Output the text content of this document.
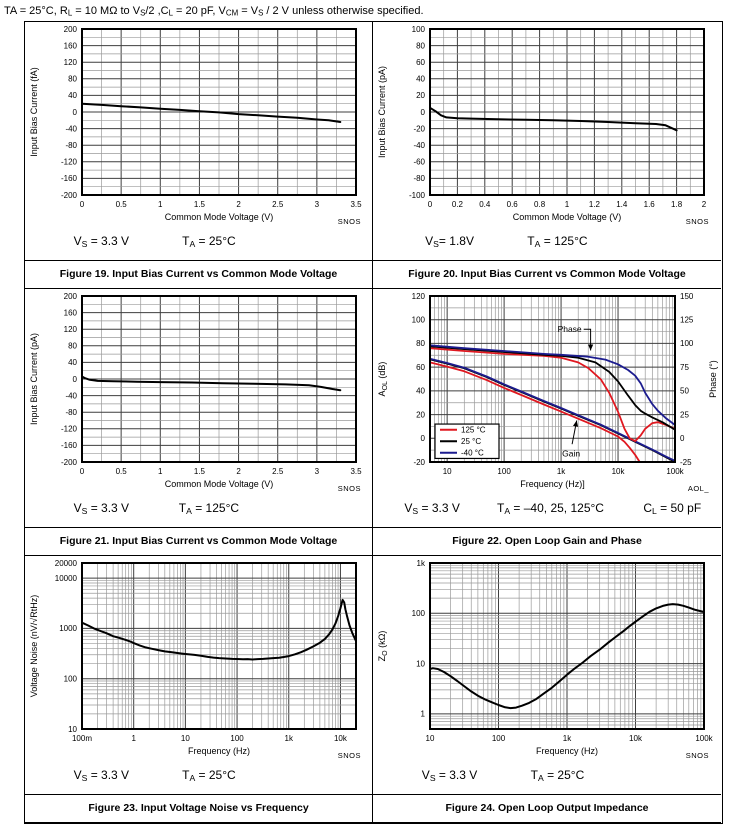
TA = 25°C, $R_L = 10$ MΩ to $V_S/2$ $,C_L = 20$ pF, $V_{CM} = V_S / 2$ V unless otherwise specified.
0	0.5	1	1.5	2	2.5	3	3.5
200
160
120
80
40
0
-40
-80
-120
-160
-200
Common Mode Voltage (V)
Input Bias Current (fA)
SNOS
$V_S = 3.3$ V	$T_A = 25^\circ C$
0 0.2 0.4 0.6 0.8 1 1.2 1.4 1.6 1.8 2
100
80
60
40
20
0
-20
-40
-60
-80
-100
Common Mode Voltage (V)
Input Bias Current (pA)
SNOS
$V_S= 1.8V$	$T_A = 125^\circ C$
Figure 19. Input Bias Current vs Common Mode Voltage	Figure 20. Input Bias Current vs Common Mode Voltage
0	0.5	1	1.5	2	2.5	3	3.5
200
160
120
80
40
0
-40
-80
-120
-160
-200
Common Mode Voltage (V)
Input Bias Current (pA)
SNOS
$V_S = 3.3$ V	$T_A = 125^\circ C$
10	100	1k	10k	100k
120
100
80
60
40
20
0
-20
150
125
100
75
50
25
0
-25
Frequency (Hz)]
$A_{OL}$ (dB)	Phase (°)
125 °C
25 °C
-40 °C
Phase
Gain
AOL_
$V_S = 3.3$ V	$T_A = -40$, 25, 125°C	$C_L = 50$ pF
Figure 21. Input Bias Current vs Common Mode Voltage	Figure 22. Open Loop Gain and Phase
100m	1	10	100	1k	10k
20000
10000
1000
100
10
Frequency (Hz)
Voltage Noise (nV/√RtHz)
SNOS
$V_S = 3.3$ V	$T_A = 25^\circ C$
10	100	1k	10k	100k
1k
100
10
1
Frequency (Hz)
$Z_O$ (kΩ)
SNOS
$V_S = 3.3$ V	$T_A = 25^\circ C$
Figure 23. Input Voltage Noise vs Frequency	Figure 24. Open Loop Output Impedance
